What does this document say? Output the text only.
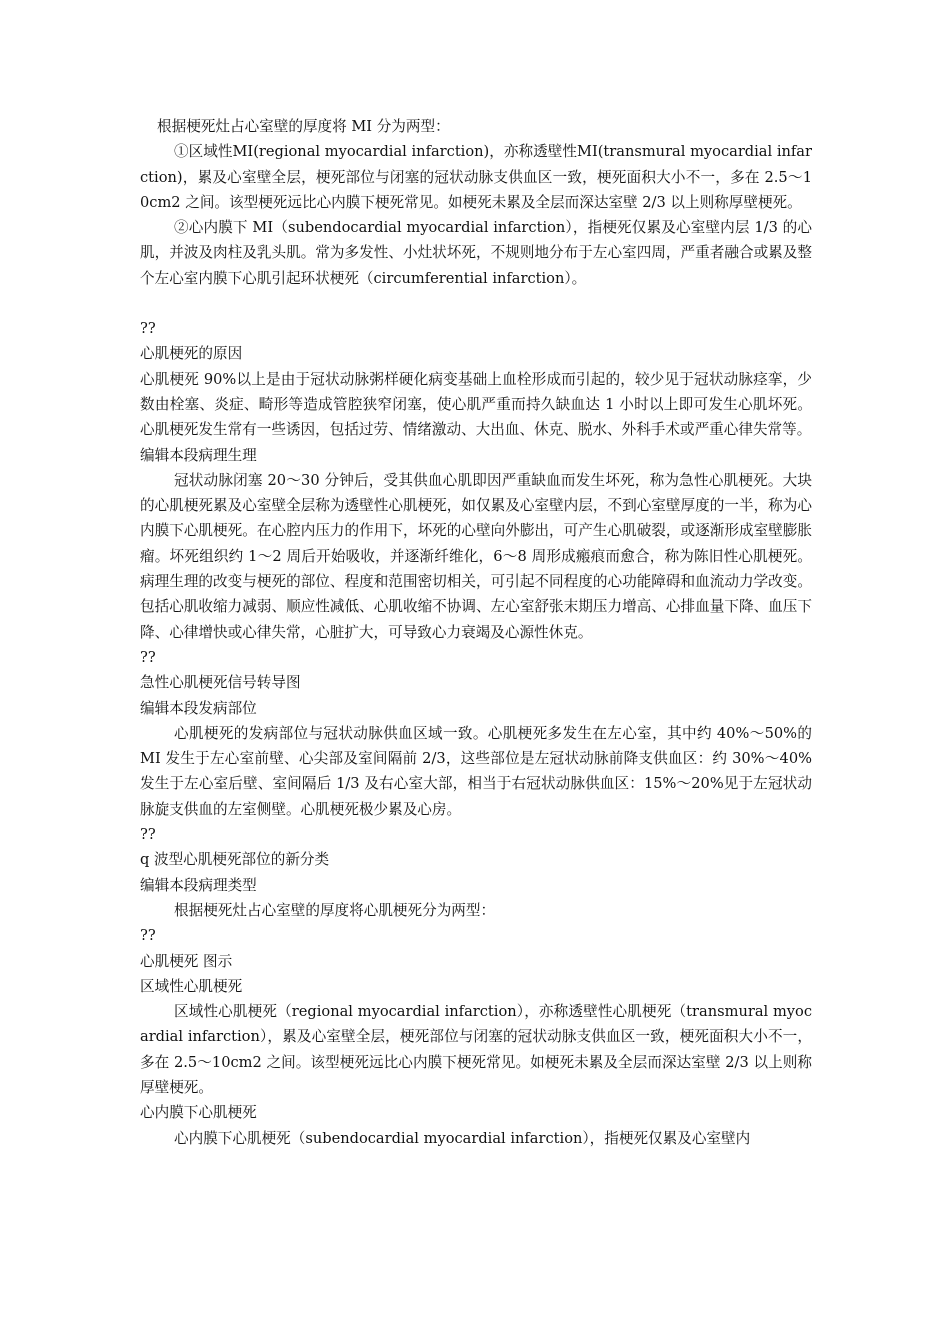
根据梗死灶占心室壁的厚度将 MI 分为两型：

①区域性MI(regional myocardial infarction)，亦称透壁性MI(transmural myocardial infarction)，累及心室壁全层，梗死部位与闭塞的冠状动脉支供血区一致，梗死面积大小不一，多在 2.5～10cm2 之间。该型梗死远比心内膜下梗死常见。如梗死未累及全层而深达室壁 2/3 以上则称厚壁梗死。

②心内膜下 MI（subendocardial myocardial infarction），指梗死仅累及心室壁内层 1/3 的心肌，并波及肉柱及乳头肌。常为多发性、小灶状坏死，不规则地分布于左心室四周，严重者融合或累及整个左心室内膜下心肌引起环状梗死（circumferential infarction）。

??

心肌梗死的原因

心肌梗死 90%以上是由于冠状动脉粥样硬化病变基础上血栓形成而引起的，较少见于冠状动脉痉挛，少数由栓塞、炎症、畸形等造成管腔狭窄闭塞，使心肌严重而持久缺血达 1 小时以上即可发生心肌坏死。心肌梗死发生常有一些诱因，包括过劳、情绪激动、大出血、休克、脱水、外科手术或严重心律失常等。

编辑本段病理生理

冠状动脉闭塞 20～30 分钟后，受其供血心肌即因严重缺血而发生坏死，称为急性心肌梗死。大块的心肌梗死累及心室壁全层称为透壁性心肌梗死，如仅累及心室壁内层，不到心室壁厚度的一半，称为心内膜下心肌梗死。在心腔内压力的作用下，坏死的心壁向外膨出，可产生心肌破裂，或逐渐形成室壁膨胀瘤。坏死组织约 1～2 周后开始吸收，并逐渐纤维化，6～8 周形成瘢痕而愈合，称为陈旧性心肌梗死。病理生理的改变与梗死的部位、程度和范围密切相关，可引起不同程度的心功能障碍和血流动力学改变。包括心肌收缩力减弱、顺应性减低、心肌收缩不协调、左心室舒张末期压力增高、心排血量下降、血压下降、心律增快或心律失常，心脏扩大，可导致心力衰竭及心源性休克。

??

急性心肌梗死信号转导图

编辑本段发病部位

心肌梗死的发病部位与冠状动脉供血区域一致。心肌梗死多发生在左心室，其中约 40%～50%的 MI 发生于左心室前壁、心尖部及室间隔前 2/3，这些部位是左冠状动脉前降支供血区：约 30%～40%发生于左心室后壁、室间隔后 1/3 及右心室大部，相当于右冠状动脉供血区：15%～20%见于左冠状动脉旋支供血的左室侧壁。心肌梗死极少累及心房。

??

q 波型心肌梗死部位的新分类

编辑本段病理类型

根据梗死灶占心室壁的厚度将心肌梗死分为两型：

??

心肌梗死 图示

区域性心肌梗死

区域性心肌梗死（regional myocardial infarction），亦称透壁性心肌梗死（transmural myocardial infarction），累及心室壁全层，梗死部位与闭塞的冠状动脉支供血区一致，梗死面积大小不一，多在 2.5～10cm2 之间。该型梗死远比心内膜下梗死常见。如梗死未累及全层而深达室壁 2/3 以上则称厚壁梗死。

心内膜下心肌梗死

心内膜下心肌梗死（subendocardial myocardial infarction），指梗死仅累及心室壁内
